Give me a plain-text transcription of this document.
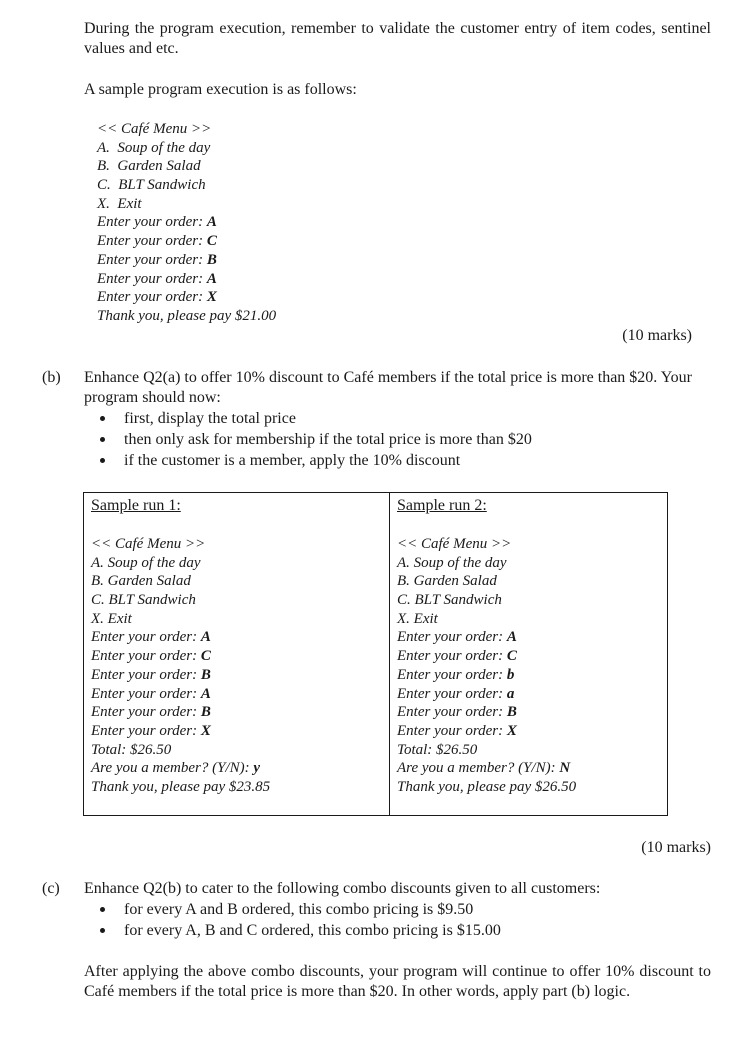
During the program execution, remember to validate the customer entry of item codes, sentinel values and etc.
A sample program execution is as follows:
<< Café Menu >>
A.  Soup of the day
B.  Garden Salad
C.  BLT Sandwich
X.  Exit
Enter your order: A
Enter your order: C
Enter your order: B
Enter your order: A
Enter your order: X
Thank you, please pay $21.00
(10 marks)
(b) Enhance Q2(a) to offer 10% discount to Café members if the total price is more than $20. Your program should now:
first, display the total price
then only ask for membership if the total price is more than $20
if the customer is a member, apply the 10% discount
Sample run 1:
<< Café Menu >>
A. Soup of the day
B. Garden Salad
C. BLT Sandwich
X. Exit
Enter your order: A
Enter your order: C
Enter your order: B
Enter your order: A
Enter your order: B
Enter your order: X
Total: $26.50
Are you a member? (Y/N): y
Thank you, please pay $23.85

Sample run 2:
<< Café Menu >>
A. Soup of the day
B. Garden Salad
C. BLT Sandwich
X. Exit
Enter your order: A
Enter your order: C
Enter your order: b
Enter your order: a
Enter your order: B
Enter your order: X
Total: $26.50
Are you a member? (Y/N): N
Thank you, please pay $26.50
(10 marks)
(c) Enhance Q2(b) to cater to the following combo discounts given to all customers:
for every A and B ordered, this combo pricing is $9.50
for every A, B and C ordered, this combo pricing is $15.00
After applying the above combo discounts, your program will continue to offer 10% discount to Café members if the total price is more than $20. In other words, apply part (b) logic.
